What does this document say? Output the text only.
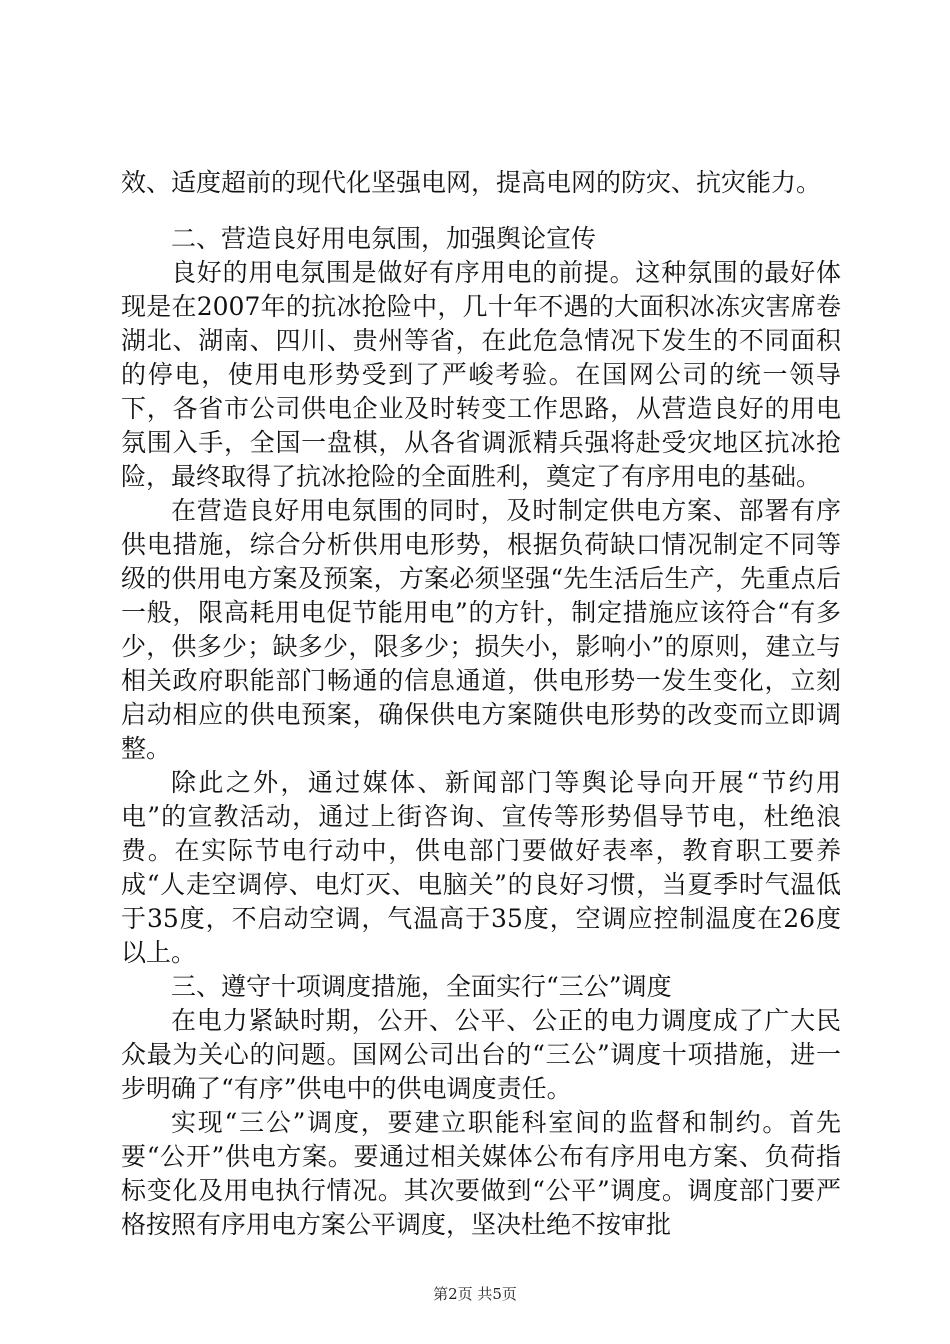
效、适度超前的现代化坚强电网，提高电网的防灾、抗灾能力。

二、营造良好用电氛围，加强舆论宣传

良好的用电氛围是做好有序用电的前提。这种氛围的最好体现是在2007年的抗冰抢险中，几十年不遇的大面积冰冻灾害席卷湖北、湖南、四川、贵州等省，在此危急情况下发生的不同面积的停电，使用电形势受到了严峻考验。在国网公司的统一领导下，各省市公司供电企业及时转变工作思路，从营造良好的用电氛围入手，全国一盘棋，从各省调派精兵强将赴受灾地区抗冰抢险，最终取得了抗冰抢险的全面胜利，奠定了有序用电的基础。

在营造良好用电氛围的同时，及时制定供电方案、部署有序供电措施，综合分析供用电形势，根据负荷缺口情况制定不同等级的供用电方案及预案，方案必须坚强“先生活后生产，先重点后一般，限高耗用电促节能用电”的方针，制定措施应该符合“有多少，供多少；缺多少，限多少；损失小，影响小”的原则，建立与相关政府职能部门畅通的信息通道，供电形势一发生变化，立刻启动相应的供电预案，确保供电方案随供电形势的改变而立即调整。

除此之外，通过媒体、新闻部门等舆论导向开展“节约用电”的宣教活动，通过上街咨询、宣传等形势倡导节电，杜绝浪费。在实际节电行动中，供电部门要做好表率，教育职工要养成“人走空调停、电灯灭、电脑关”的良好习惯，当夏季时气温低于35度，不启动空调，气温高于35度，空调应控制温度在26度以上。

三、遵守十项调度措施，全面实行“三公”调度

在电力紧缺时期，公开、公平、公正的电力调度成了广大民众最为关心的问题。国网公司出台的“三公”调度十项措施，进一步明确了“有序”供电中的供电调度责任。

实现“三公”调度，要建立职能科室间的监督和制约。首先要“公开”供电方案。要通过相关媒体公布有序用电方案、负荷指标变化及用电执行情况。其次要做到“公平”调度。调度部门要严格按照有序用电方案公平调度，坚决杜绝不按审批

第2页 共5页
